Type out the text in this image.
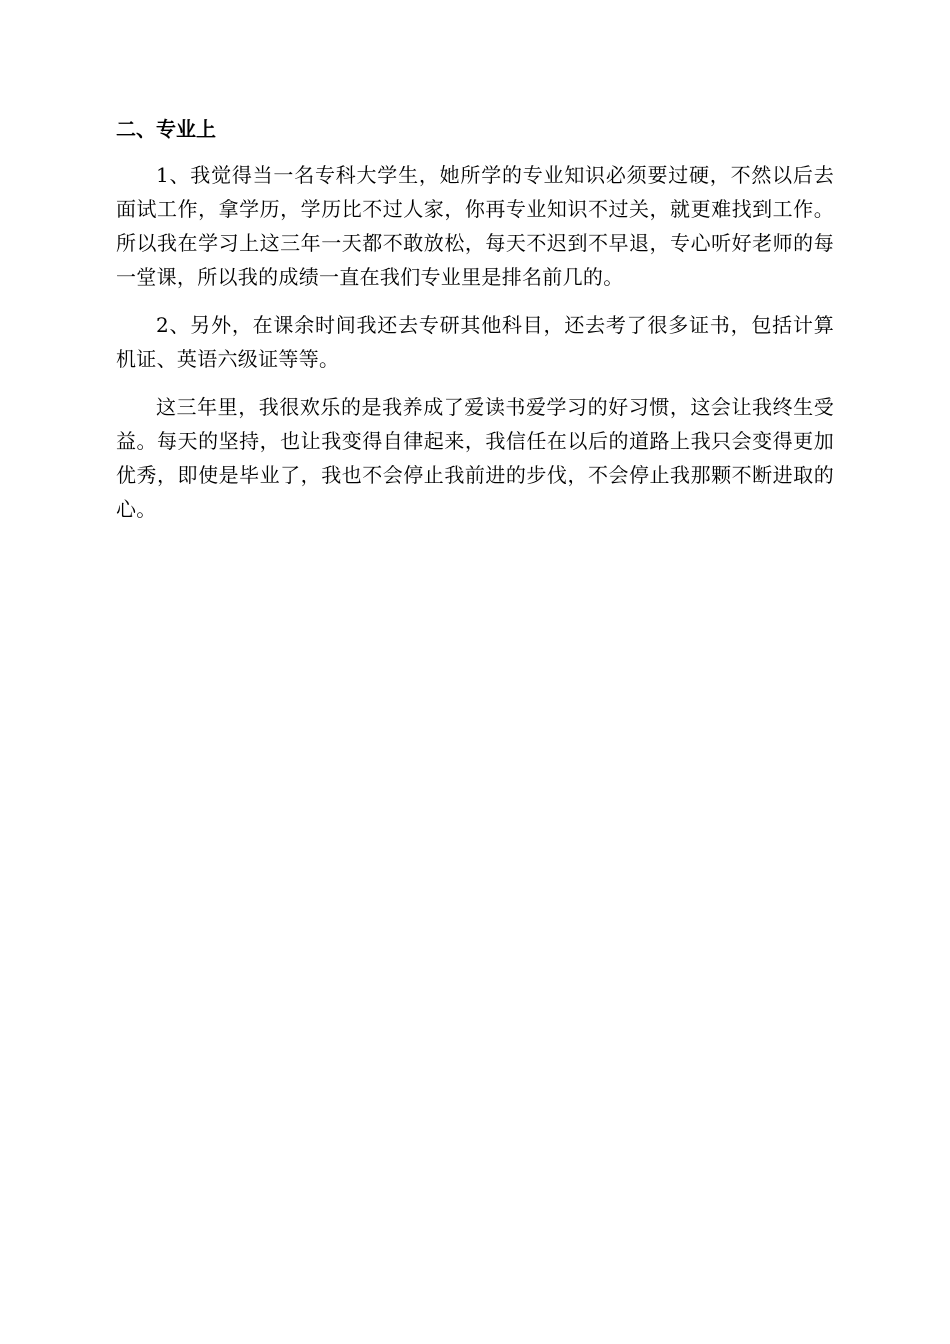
二、专业上

1、我觉得当一名专科大学生，她所学的专业知识必须要过硬，不然以后去面试工作，拿学历，学历比不过人家，你再专业知识不过关，就更难找到工作。所以我在学习上这三年一天都不敢放松，每天不迟到不早退，专心听好老师的每一堂课，所以我的成绩一直在我们专业里是排名前几的。

2、另外，在课余时间我还去专研其他科目，还去考了很多证书，包括计算机证、英语六级证等等。

这三年里，我很欢乐的是我养成了爱读书爱学习的好习惯，这会让我终生受益。每天的坚持，也让我变得自律起来，我信任在以后的道路上我只会变得更加优秀，即使是毕业了，我也不会停止我前进的步伐，不会停止我那颗不断进取的心。
